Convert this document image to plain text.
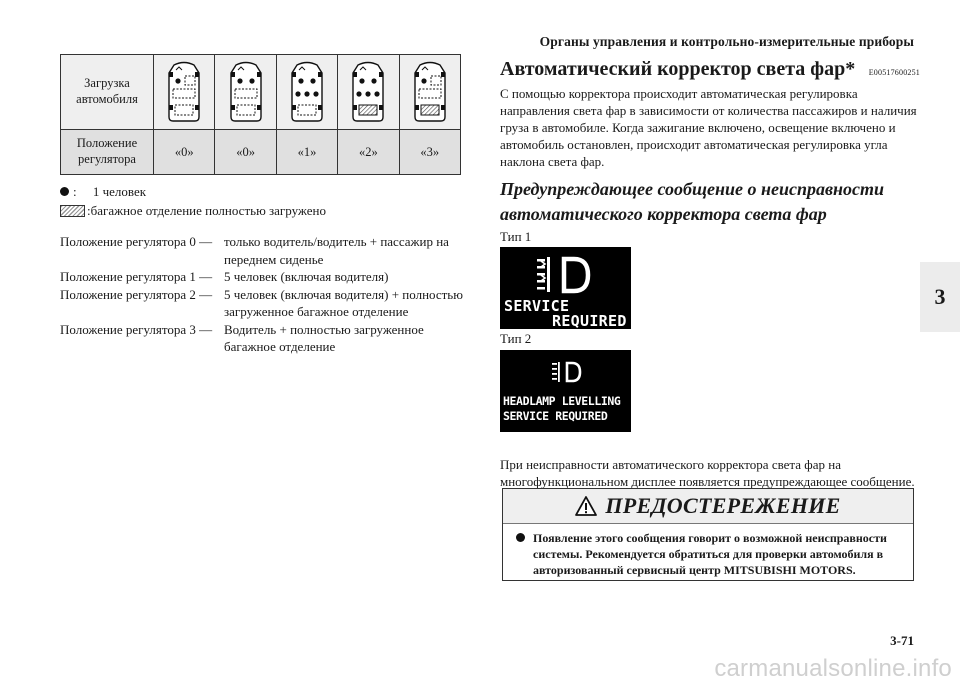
Органы управления и контрольно-измерительные приборы
3
Загрузка автомобиля	

Положение регулятора	«0»	«0»	«1»	«2»	«3»
:     1 человек
:багажное отделение полностью загружено
Положение регулятора 0 — только водитель/водитель + пассажир на переднем сиденье
Положение регулятора 1 — 5 человек (включая водителя)
Положение регулятора 2 — 5 человек (включая водителя) + полностью загруженное багажное отделение
Положение регулятора 3 — Водитель + полностью загруженное багажное отделение
Автоматический корректор света фар* E00517600251

С помощью корректора происходит автоматическая регулировка направления света фар в зависимости от количества пассажиров и наличия груза в автомобиле. Когда зажигание включено, освещение включено и автомобиль остановлен, происходит автоматическая регулировка угла наклона света фар.

Предупреждающее сообщение о неисправности автоматического корректора света фар
Тип 1
SERVICE
REQUIRED
Тип 2
HEADLAMP LEVELLING
SERVICE REQUIRED

При неисправности автоматического корректора света фар на многофункциональном дисплее появляется предупреждающее сообщение.

ПРЕДОСТЕРЕЖЕНИЕ
Появление этого сообщения говорит о возможной неисправности системы. Рекомендуется обратиться для проверки автомобиля в авторизованный сервисный центр MITSUBISHI MOTORS.
3-71
carmanualsonline.info
